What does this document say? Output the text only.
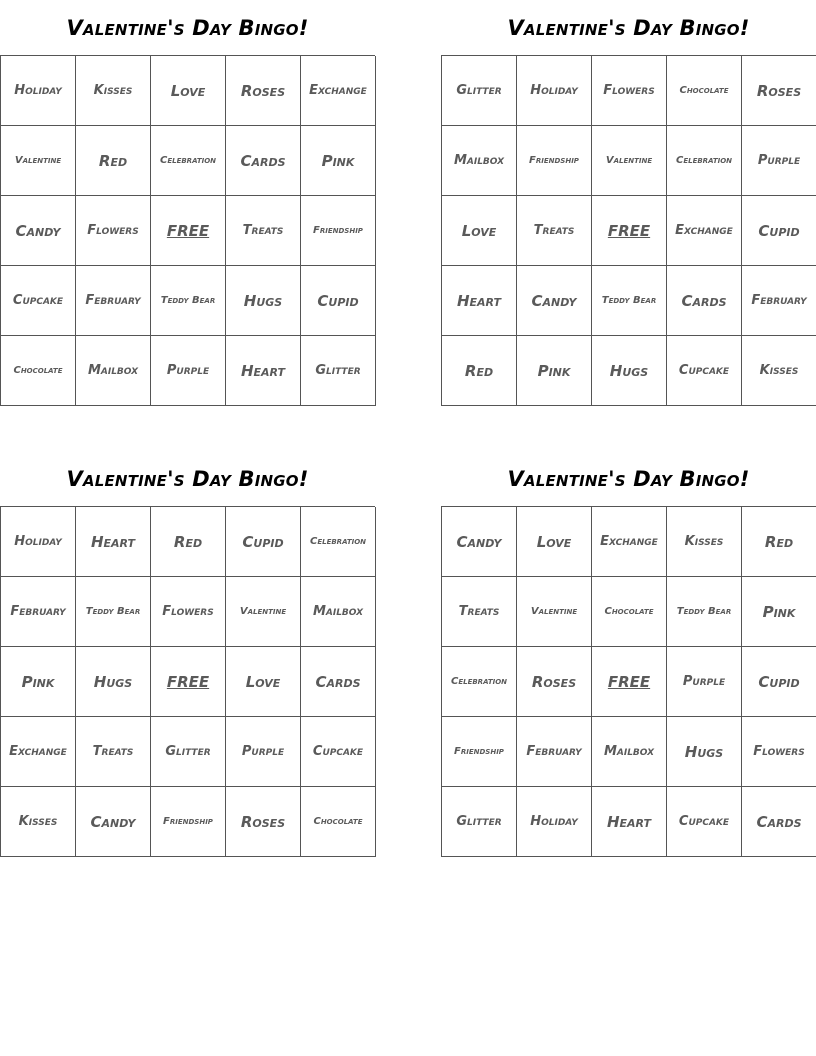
Valentine's Day Bingo!
Holiday	Kisses	Love	Roses	Exchange
Valentine	Red	Celebration	Cards	Pink
Candy	Flowers	FREE	Treats	Friendship
Cupcake	February	Teddy Bear	Hugs	Cupid
Chocolate	Mailbox	Purple	Heart	Glitter
Valentine's Day Bingo!
Glitter	Holiday	Flowers	Chocolate	Roses
Mailbox	Friendship	Valentine	Celebration	Purple
Love	Treats	FREE	Exchange	Cupid
Heart	Candy	Teddy Bear	Cards	February
Red	Pink	Hugs	Cupcake	Kisses
Valentine's Day Bingo!
Holiday	Heart	Red	Cupid	Celebration
February	Teddy Bear	Flowers	Valentine	Mailbox
Pink	Hugs	FREE	Love	Cards
Exchange	Treats	Glitter	Purple	Cupcake
Kisses	Candy	Friendship	Roses	Chocolate
Valentine's Day Bingo!
Candy	Love	Exchange	Kisses	Red
Treats	Valentine	Chocolate	Teddy Bear	Pink
Celebration	Roses	FREE	Purple	Cupid
Friendship	February	Mailbox	Hugs	Flowers
Glitter	Holiday	Heart	Cupcake	Cards
